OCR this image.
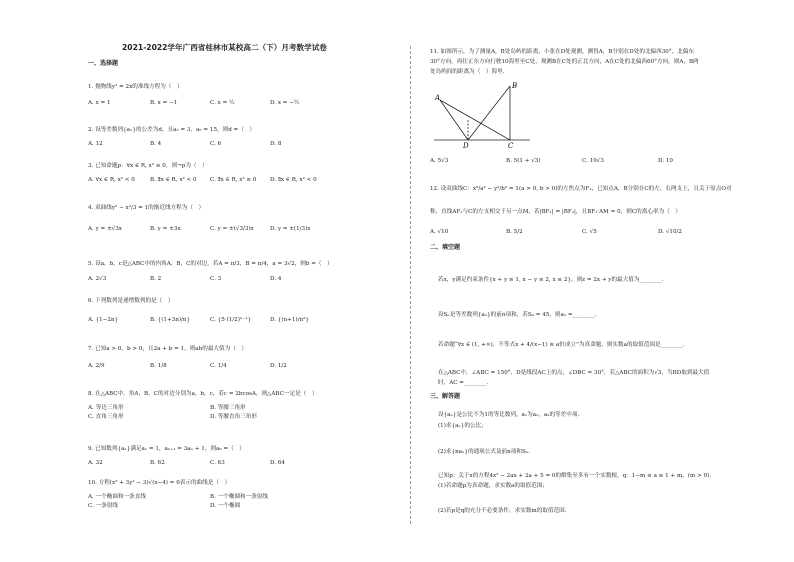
2021-2022学年广西省桂林市某校高二（下）月考数学试卷
一、选择题
1. 抛物线y² = 2x的准线方程为（　）
A. x = 1	B. x = −1	C. x = ½	D. x = −½
2. 设等差数列{aₙ}的公差为d，且a₂ = 3，a₅ = 15，则d =（　）
A. 12	B. 4	C. 6	D. 8
3. 已知命题p：∀x ∈ R, x² ≥ 0，则¬p为（　）
A. ∀x ∈ R, x² < 0	B. ∃x ∈ R, x² < 0 C. ∃x ∈ R, x² ≥ 0 D. ∃x ∈ R, x² < 0
4. 双曲线y² − x²/3 = 1的渐近线方程为（　）
A. y = ±√3x	B. y = ±3x	C. y = ±(√3/3)x	D. y = ±(1/3)x
5. 设a，b，c是△ABC中的内角A，B，C的对边，若A = π/3，B = π/4，a = 3√2，则b =（　）
A. 2√3	B. 2	C. 3	D. 4
6. 下列数列是递增数列的是（　）
A. {1−2n}	B. {(1+3n)/n}	C. {5·(1/2)ⁿ⁻¹}	D. {(n+1)/n²}
7. 已知a > 0，b > 0，且2a + b = 1，则ab的最大值为（　）
A. 2/9	B. 1/8	C. 1/4	D. 1/2
8. 在△ABC中，角A，B，C的对边分别为a，b，c，若c = 2bcosA，则△ABC一定是（　）
A. 等边三角形	B. 等腰三角形
C. 直角三角形	D. 等腰直角三角形
9. 已知数列{aₙ}满足a₁ = 1，aₙ₊₁ = 3aₙ + 1，则a₆ =（　）
A. 32	B. 62	C. 63	D. 64
10. 方程(x² + 3y² − 3)√(x−4) = 0表示的曲线是（　）
A. 一个椭圆和一条直线	B. 一个椭圆和一条射线
C. 一条射线	D. 一个椭圆
11. 如图所示，为了测量A，B处岛屿的距离，小张在D处观测，测得A，B分别在D处的北偏西30°、北偏东
30°方向，再往正东方向行驶10海里至C处，观测B在C处的正北方向，A在C处的北偏西60°方向，则A，B两
处岛屿间的距离为（　）海里.
A
B
C
D
A. 5√3	B. 5(1 + √3)	C. 10√3	D. 10
12. 设双曲线C：x²/a² − y²/b² = 1(a > 0, b > 0)的左焦点为F₁，已知点A，B分别在C的左、右两支上，且关于原点O对
称，直线AF₁与C的左支相交于另一点M，若|BF₁| = |BF₂|，且BF₁·AM = 0，则C的离心率为（　）
A. √10	B. 5/2	C. √5	D. √10/2
二、填空题
若x，y满足约束条件{x + y ≥ 1, x − y ≤ 2, x ≤ 2}，则z = 2x + y的最大值为________.
设Sₙ是等差数列{aₙ}的前n项和，若S₉ = 45，则a₅ =________.
若命题“∀x ∈ (1, +∞)，不等式x + 4/(x−1) ≥ a恒成立”为真命题，则实数a的取值范围是________.
在△ABC中，∠ABC = 150°，D是线段AC上的点，∠DBC = 30°，若△ABC的面积为√3，当BD取到最大值
时，AC =________.
三、解答题
设{aₙ}是公比不为1的等比数列，a₁为a₂，a₃的等差中项.
(1)求{aₙ}的公比；
(2)求{naₙ}的通项公式及前n项和Sₙ.
已知p：关于x的方程4x² − 2ax + 2a + 5 = 0的解集至多有一个实数根，q：1−m ≤ a ≤ 1 + m，(m > 0).
(1)若命题p为真命题，求实数a的取值范围；
(2)若p是q的充分不必要条件，求实数m的取值范围.
